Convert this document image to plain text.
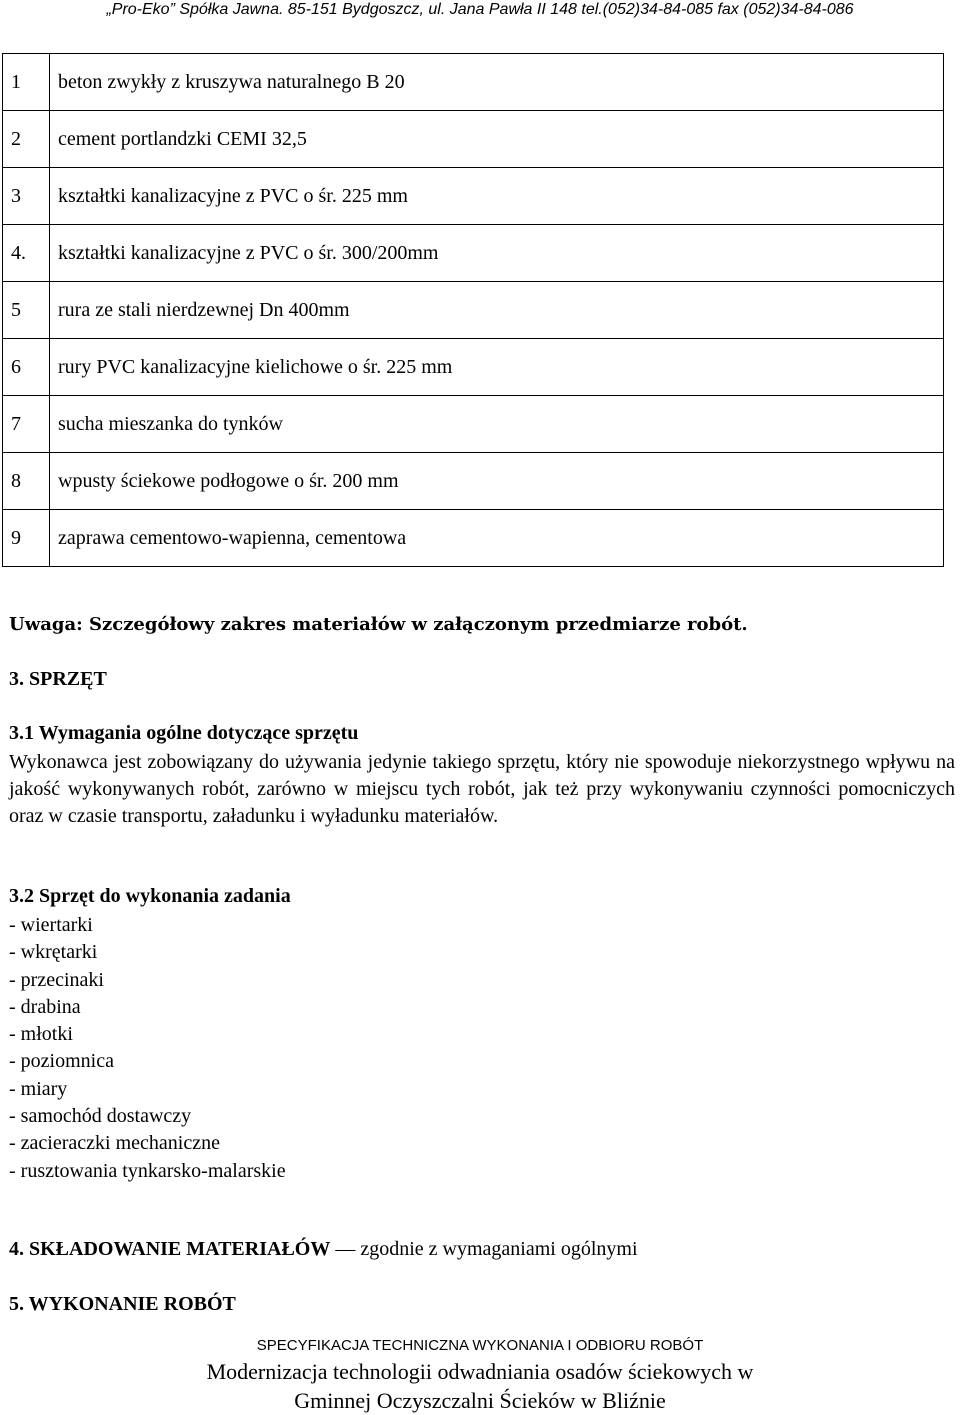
„Pro-Eko” Spółka Jawna. 85-151 Bydgoszcz, ul. Jana Pawła II 148 tel.(052)34-84-085 fax (052)34-84-086
1	beton zwykły z kruszywa naturalnego B 20
2	cement portlandzki CEMI 32,5
3	kształtki kanalizacyjne z PVC o śr. 225 mm
4.	kształtki kanalizacyjne z PVC o śr. 300/200mm
5	rura ze stali nierdzewnej Dn 400mm
6	rury PVC kanalizacyjne kielichowe o śr. 225 mm
7	sucha mieszanka do tynków
8	wpusty ściekowe podłogowe o śr. 200 mm
9	zaprawa cementowo-wapienna, cementowa
Uwaga: Szczegółowy zakres materiałów w załączonym przedmiarze robót.
3. SPRZĘT
3.1 Wymagania ogólne dotyczące sprzętu
Wykonawca jest zobowiązany do używania jedynie takiego sprzętu, który nie spowoduje niekorzystnego wpływu na jakość wykonywanych robót, zarówno w miejscu tych robót, jak też przy wykonywaniu czynności pomocniczych oraz w czasie transportu, załadunku i wyładunku materiałów.
3.2 Sprzęt do wykonania zadania
- wiertarki
- wkrętarki
- przecinaki
- drabina
- młotki
- poziomnica
- miary
- samochód dostawczy
- zacieraczki mechaniczne
- rusztowania tynkarsko-malarskie
4. SKŁADOWANIE MATERIAŁÓW — zgodnie z wymaganiami ogólnymi
5. WYKONANIE ROBÓT
SPECYFIKACJA TECHNICZNA WYKONANIA I ODBIORU ROBÓT
Modernizacja technologii odwadniania osadów ściekowych w
Gminnej Oczyszczalni Ścieków w Bliźnie
